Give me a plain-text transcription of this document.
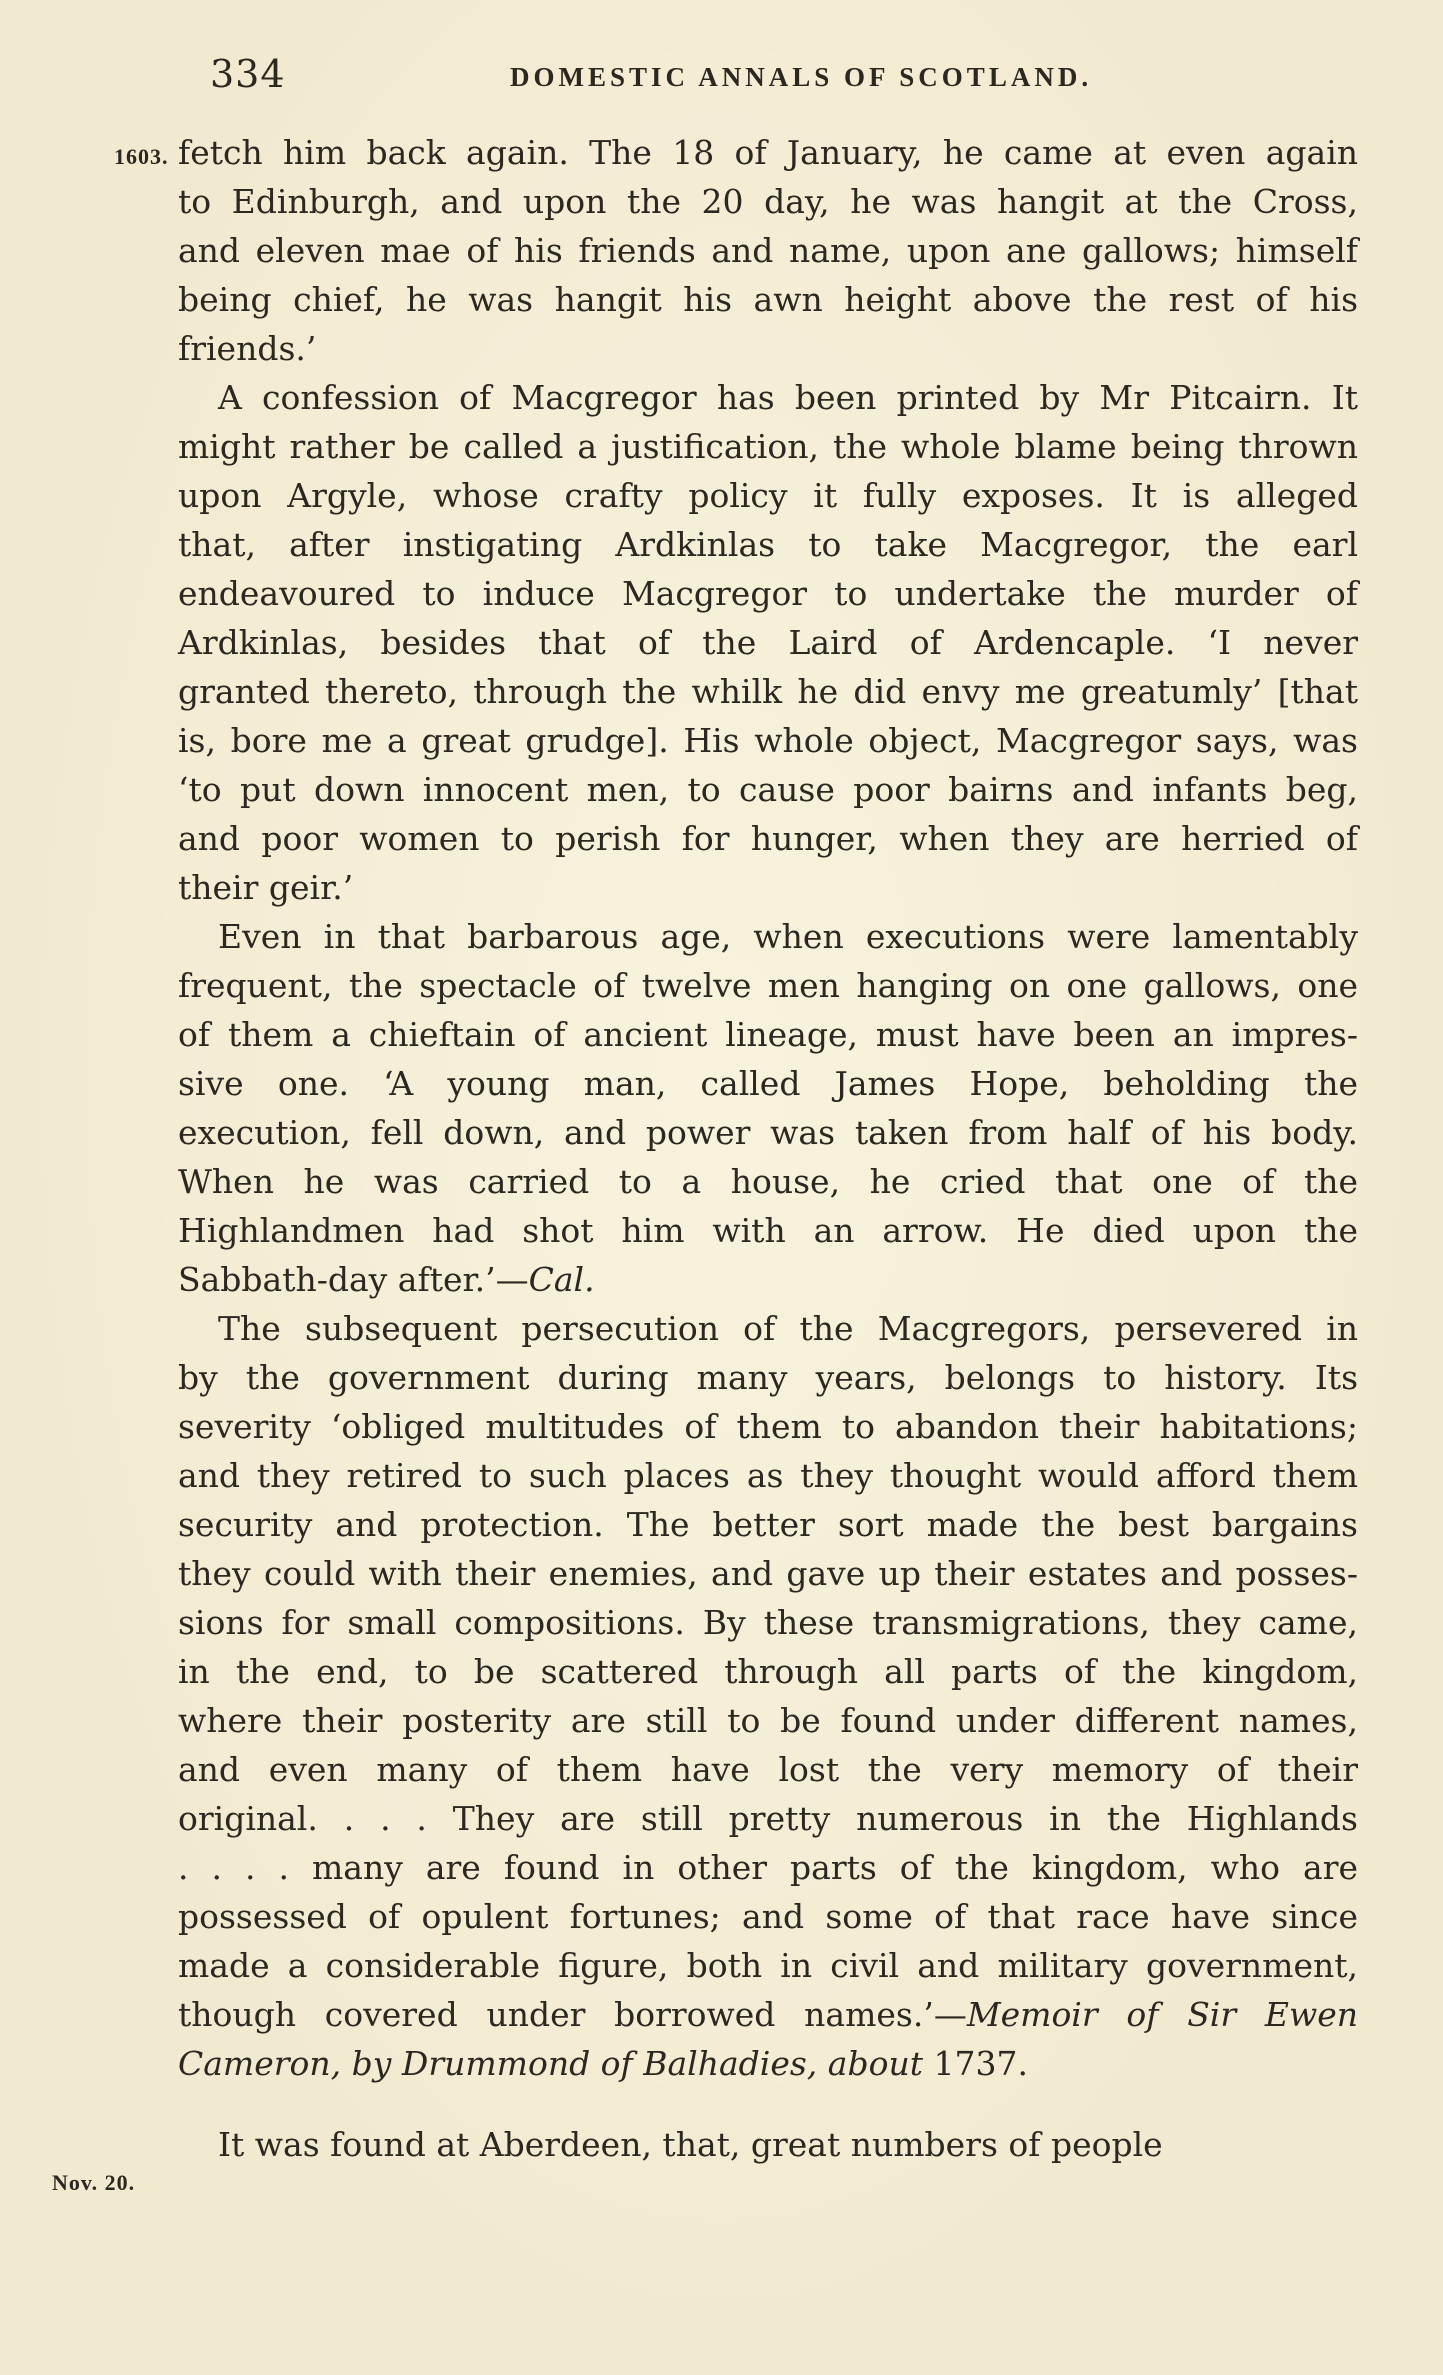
334	DOMESTIC ANNALS OF SCOTLAND.
1603.
Nov. 20.
fetch him back again. The 18 of January, he came at even again
to Edinburgh, and upon the 20 day, he was hangit at the Cross,
and eleven mae of his friends and name, upon ane gallows; himself
being chief, he was hangit his awn height above the rest of his
friends.’
A confession of Macgregor has been printed by Mr Pitcairn. It
might rather be called a justification, the whole blame being thrown
upon Argyle, whose crafty policy it fully exposes. It is alleged
that, after instigating Ardkinlas to take Macgregor, the earl
endeavoured to induce Macgregor to undertake the murder of
Ardkinlas, besides that of the Laird of Ardencaple. ‘I never
granted thereto, through the whilk he did envy me greatumly’ [that
is, bore me a great grudge]. His whole object, Macgregor says, was
‘to put down innocent men, to cause poor bairns and infants beg,
and poor women to perish for hunger, when they are herried of
their geir.’
Even in that barbarous age, when executions were lamentably
frequent, the spectacle of twelve men hanging on one gallows, one
of them a chieftain of ancient lineage, must have been an impres-
sive one. ‘A young man, called James Hope, beholding the
execution, fell down, and power was taken from half of his body.
When he was carried to a house, he cried that one of the
Highlandmen had shot him with an arrow. He died upon the
Sabbath-day after.’—Cal.
The subsequent persecution of the Macgregors, persevered in
by the government during many years, belongs to history. Its
severity ‘obliged multitudes of them to abandon their habitations;
and they retired to such places as they thought would afford them
security and protection. The better sort made the best bargains
they could with their enemies, and gave up their estates and posses-
sions for small compositions. By these transmigrations, they came,
in the end, to be scattered through all parts of the kingdom,
where their posterity are still to be found under different names,
and even many of them have lost the very memory of their
original. . . . They are still pretty numerous in the Highlands
. . . . many are found in other parts of the kingdom, who are
possessed of opulent fortunes; and some of that race have since
made a considerable figure, both in civil and military government,
though covered under borrowed names.’—Memoir of Sir Ewen
Cameron, by Drummond of Balhadies, about 1737.
It was found at Aberdeen, that, great numbers of people
